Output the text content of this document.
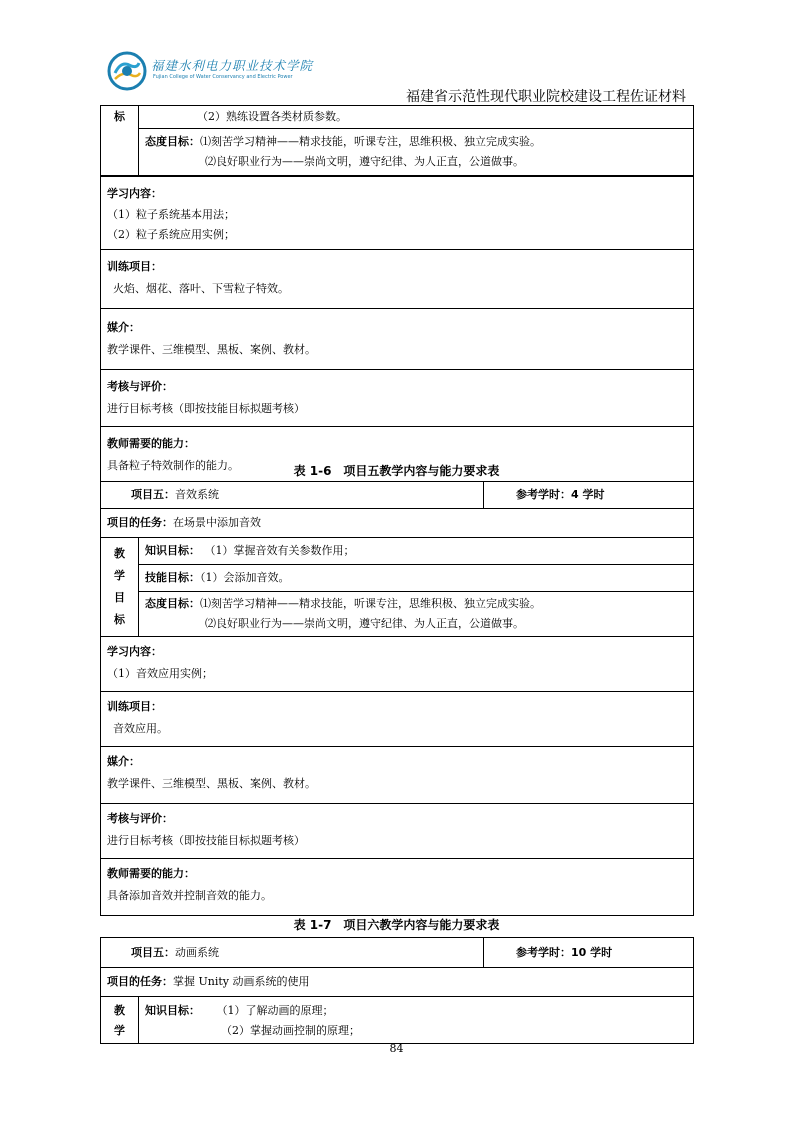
福建水利电力职业技术学院
Fujian College of Water Conservancy and Electric Power
福建省示范性现代职业院校建设工程佐证材料
标	（2）熟练设置各类材质参数。

态度目标：⑴刻苦学习精神——精求技能，听课专注，思维积极、独立完成实验。
⑵良好职业行为——崇尚文明，遵守纪律、为人正直，公道做事。

学习内容：
（1）粒子系统基本用法；
（2）粒子系统应用实例；

训练项目：
火焰、烟花、落叶、下雪粒子特效。

媒介：
教学课件、三维模型、黑板、案例、教材。

考核与评价：
进行目标考核（即按技能目标拟题考核）

教师需要的能力：
具备粒子特效制作的能力。	表 1-6　项目五教学内容与能力要求表
项目五：音效系统		参考学时：4 学时

项目的任务：在场景中添加音效		

教
学
目
标	知识目标： （1）掌握音效有关参数作用；	

	技能目标：（1）会添加音效。	

	态度目标：⑴刻苦学习精神——精求技能，听课专注，思维积极、独立完成实验。
⑵良好职业行为——崇尚文明，遵守纪律、为人正直，公道做事。	

学习内容：
（1）音效应用实例；		

训练项目：
音效应用。		

媒介：
教学课件、三维模型、黑板、案例、教材。		

考核与评价：
进行目标考核（即按技能目标拟题考核）		

教师需要的能力：
具备添加音效并控制音效的能力。		
表 1-7　项目六教学内容与能力要求表
项目五：动画系统		参考学时：10 学时

项目的任务：掌握 Unity 动画系统的使用		

教
学	知识目标： （1）了解动画的原理；
（2）掌握动画控制的原理；	
84
